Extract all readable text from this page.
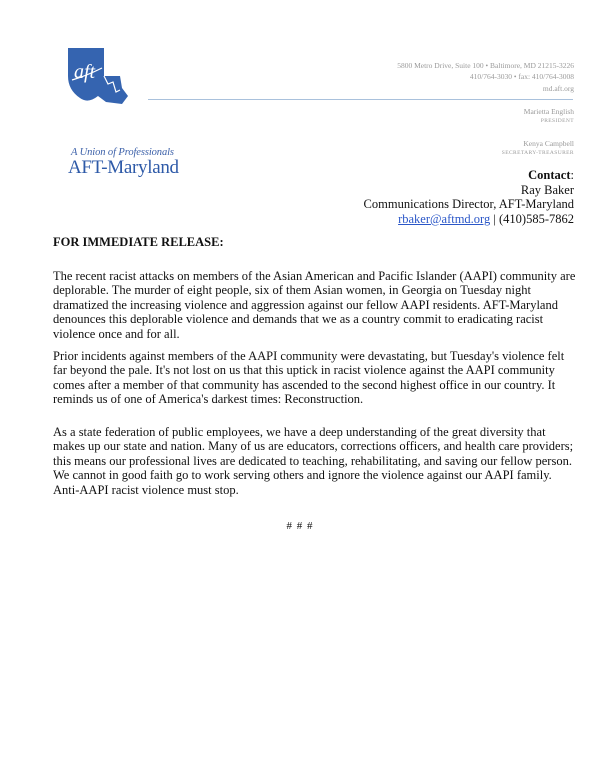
aft
A Union of Professionals
AFT-Maryland
5800 Metro Drive, Suite 100 • Baltimore, MD 21215-3226
410/764-3030 • fax: 410/764-3008
md.aft.org
Marietta English
PRESIDENT
Kenya Campbell
SECRETARY-TREASURER
Contact:
Ray Baker
Communications Director, AFT-Maryland
rbaker@aftmd.org | (410)585-7862
FOR IMMEDIATE RELEASE:
The recent racist attacks on members of the Asian American and Pacific Islander (AAPI) community are
deplorable. The murder of eight people, six of them Asian women, in Georgia on Tuesday night
dramatized the increasing violence and aggression against our fellow AAPI residents. AFT-Maryland
denounces this deplorable violence and demands that we as a country commit to eradicating racist
violence once and for all.
Prior incidents against members of the AAPI community were devastating, but Tuesday's violence felt
far beyond the pale. It's not lost on us that this uptick in racist violence against the AAPI community
comes after a member of that community has ascended to the second highest office in our country. It
reminds us of one of America's darkest times: Reconstruction.
As a state federation of public employees, we have a deep understanding of the great diversity that
makes up our state and nation. Many of us are educators, corrections officers, and health care providers;
this means our professional lives are dedicated to teaching, rehabilitating, and saving our fellow person.
We cannot in good faith go to work serving others and ignore the violence against our AAPI family.
Anti-AAPI racist violence must stop.
# # #
